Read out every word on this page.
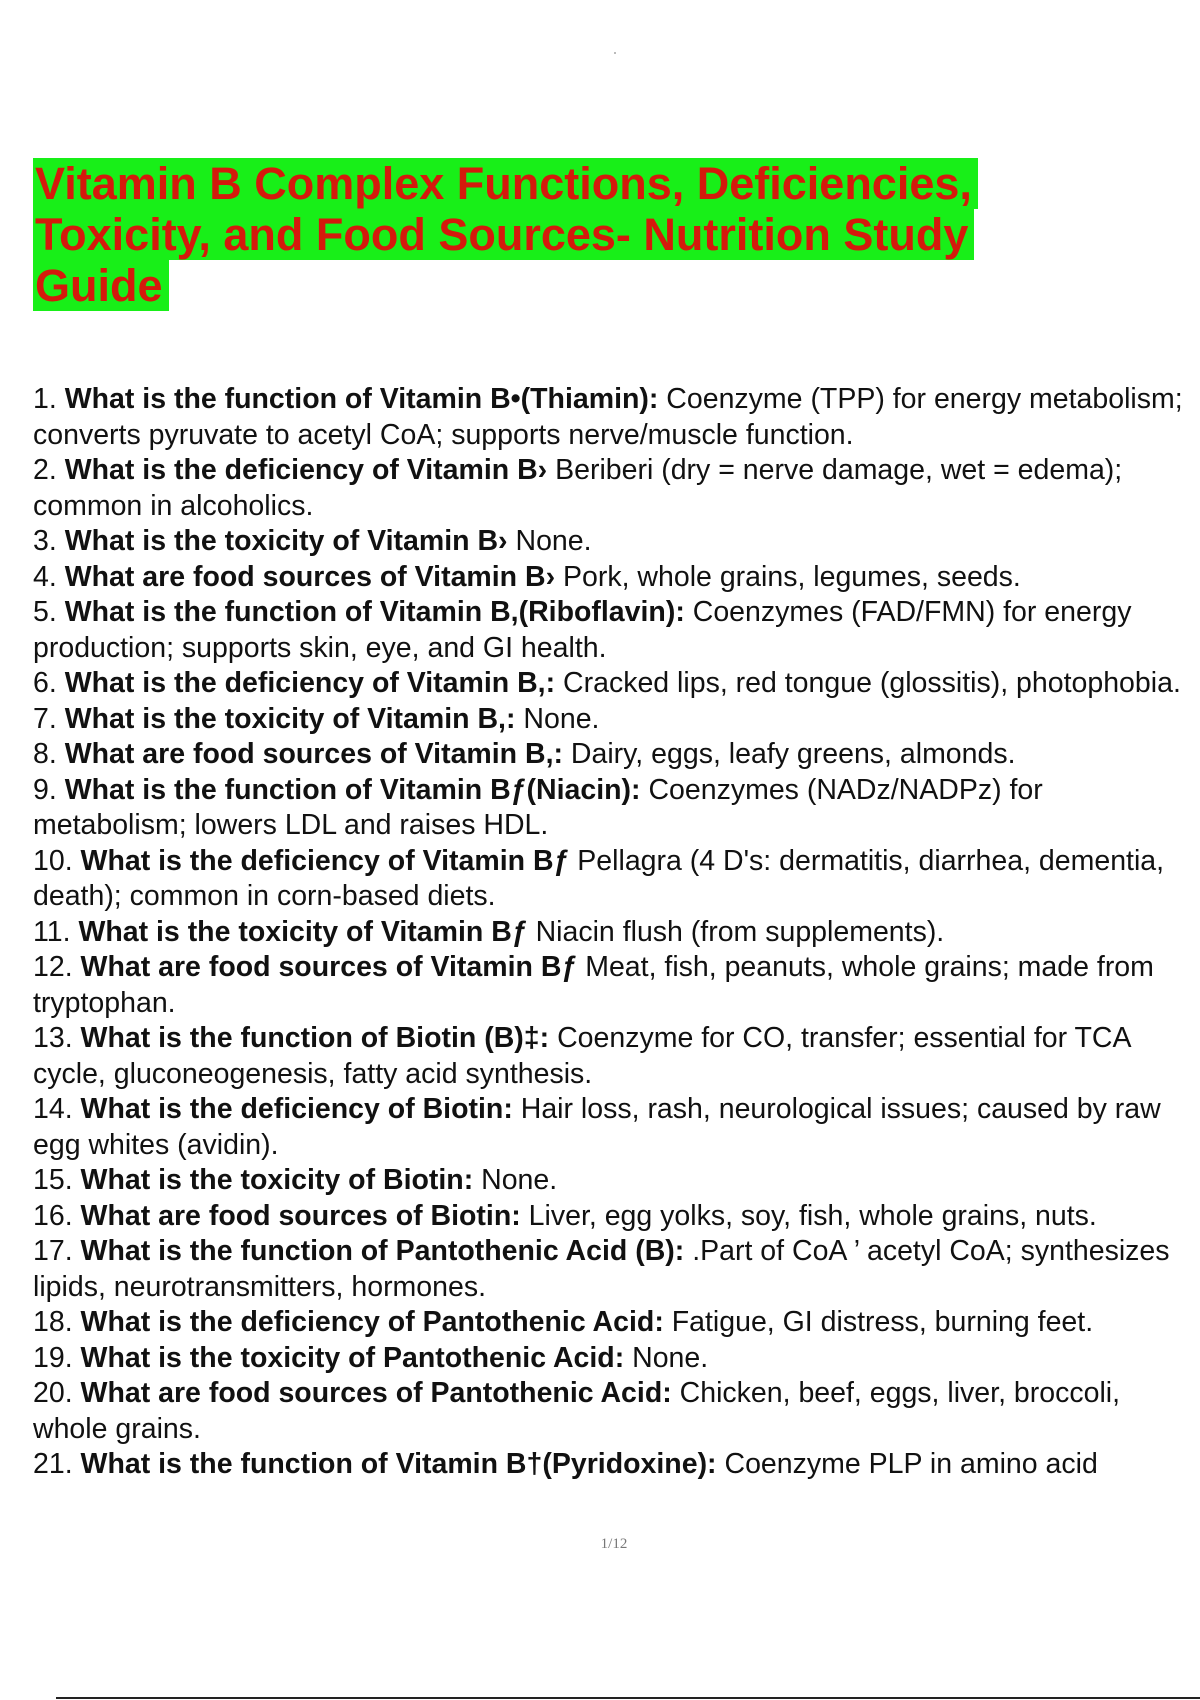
Vitamin B Complex Functions, Deficiencies, Toxicity, and Food Sources- Nutrition Study Guide
1. What is the function of Vitamin B•(Thiamin): Coenzyme (TPP) for energy metabolism; converts pyruvate to acetyl CoA; supports nerve/muscle function.
2. What is the deficiency of Vitamin B› Beriberi (dry = nerve damage, wet = edema); common in alcoholics.
3. What is the toxicity of Vitamin B› None.
4. What are food sources of Vitamin B› Pork, whole grains, legumes, seeds.
5. What is the function of Vitamin B,(Riboflavin): Coenzymes (FAD/FMN) for energy production; supports skin, eye, and GI health.
6. What is the deficiency of Vitamin B,: Cracked lips, red tongue (glossitis), photophobia.
7. What is the toxicity of Vitamin B,: None.
8. What are food sources of Vitamin B,: Dairy, eggs, leafy greens, almonds.
9. What is the function of Vitamin Bƒ(Niacin): Coenzymes (NADz/NADPz) for metabolism; lowers LDL and raises HDL.
10. What is the deficiency of Vitamin Bƒ Pellagra (4 D's: dermatitis, diarrhea, dementia, death); common in corn-based diets.
11. What is the toxicity of Vitamin Bƒ Niacin flush (from supplements).
12. What are food sources of Vitamin Bƒ Meat, fish, peanuts, whole grains; made from tryptophan.
13. What is the function of Biotin (B)‡: Coenzyme for CO, transfer; essential for TCA cycle, gluconeogenesis, fatty acid synthesis.
14. What is the deficiency of Biotin: Hair loss, rash, neurological issues; caused by raw egg whites (avidin).
15. What is the toxicity of Biotin: None.
16. What are food sources of Biotin: Liver, egg yolks, soy, fish, whole grains, nuts.
17. What is the function of Pantothenic Acid (B): .Part of CoA ’ acetyl CoA; synthesizes lipids, neurotransmitters, hormones.
18. What is the deficiency of Pantothenic Acid: Fatigue, GI distress, burning feet.
19. What is the toxicity of Pantothenic Acid: None.
20. What are food sources of Pantothenic Acid: Chicken, beef, eggs, liver, broccoli, whole grains.
21. What is the function of Vitamin B†(Pyridoxine): Coenzyme PLP in amino acid
1/12
